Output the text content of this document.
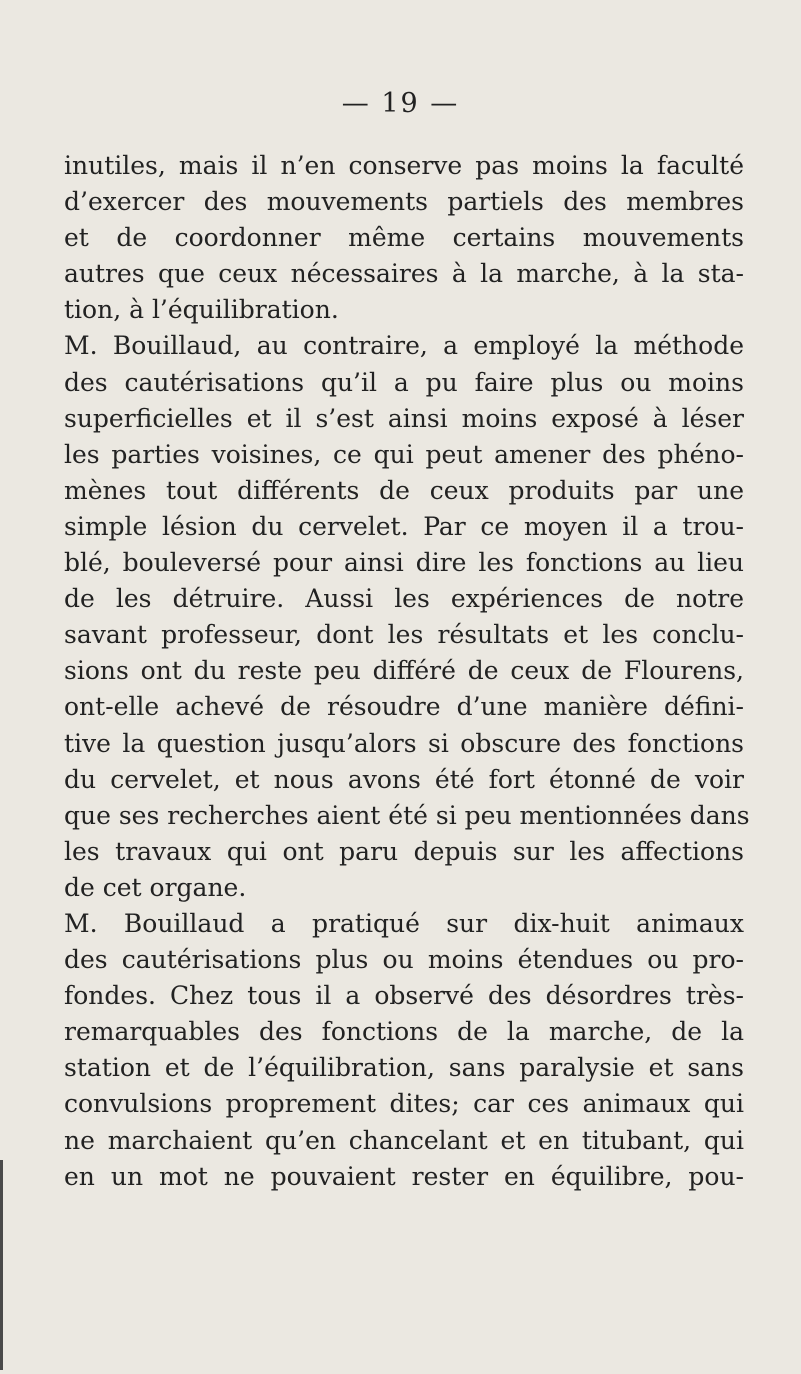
— 19 —
inutiles, mais il n’en conserve pas moins la faculté
d’exercer des mouvements partiels des membres
et de coordonner même certains mouvements
autres que ceux nécessaires à la marche, à la sta-
tion, à l’équilibration.
M. Bouillaud, au contraire, a employé la méthode
des cautérisations qu’il a pu faire plus ou moins
superficielles et il s’est ainsi moins exposé à léser
les parties voisines, ce qui peut amener des phéno-
mènes tout différents de ceux produits par une
simple lésion du cervelet. Par ce moyen il a trou-
blé, bouleversé pour ainsi dire les fonctions au lieu
de les détruire. Aussi les expériences de notre
savant professeur, dont les résultats et les conclu-
sions ont du reste peu différé de ceux de Flourens,
ont-elle achevé de résoudre d’une manière défini-
tive la question jusqu’alors si obscure des fonctions
du cervelet, et nous avons été fort étonné de voir
que ses recherches aient été si peu mentionnées dans
les travaux qui ont paru depuis sur les affections
de cet organe.
M. Bouillaud a pratiqué sur dix-huit animaux
des cautérisations plus ou moins étendues ou pro-
fondes. Chez tous il a observé des désordres très-
remarquables des fonctions de la marche, de la
station et de l’équilibration, sans paralysie et sans
convulsions proprement dites; car ces animaux qui
ne marchaient qu’en chancelant et en titubant, qui
en un mot ne pouvaient rester en équilibre, pou-
